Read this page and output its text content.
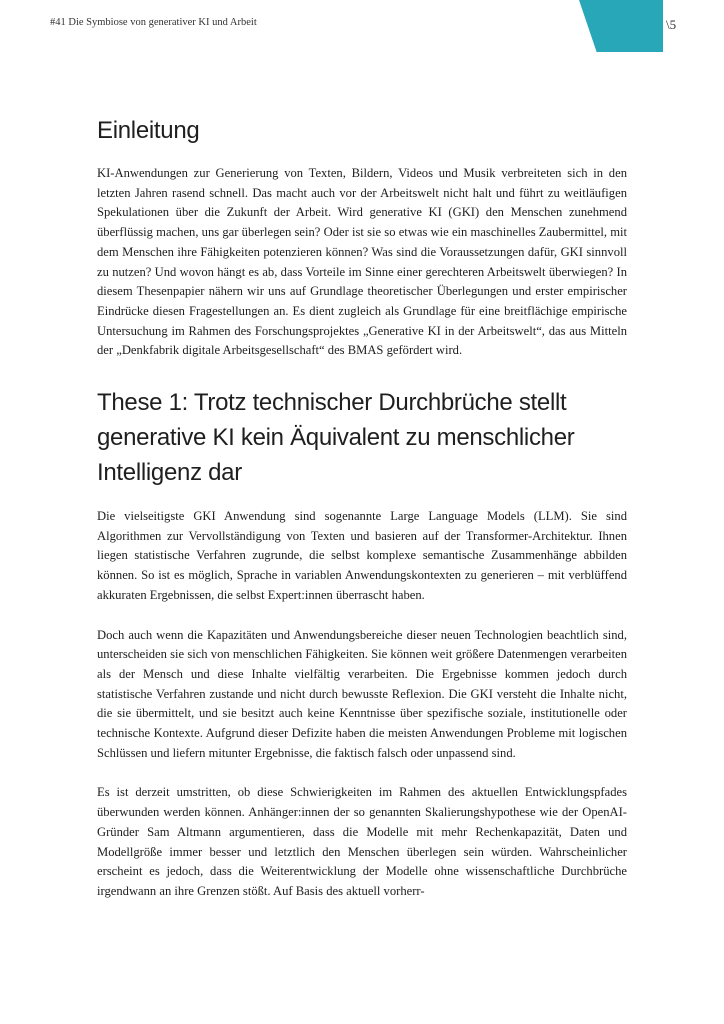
#41 Die Symbiose von generativer KI und Arbeit	\5
Einleitung

KI-Anwendungen zur Generierung von Texten, Bildern, Videos und Musik verbreiteten sich in den letzten Jahren rasend schnell. Das macht auch vor der Arbeitswelt nicht halt und führt zu weitläufigen Spekulationen über die Zukunft der Arbeit. Wird generative KI (GKI) den Menschen zunehmend überflüssig machen, uns gar überlegen sein? Oder ist sie so etwas wie ein maschinelles Zaubermittel, mit dem Menschen ihre Fähigkeiten potenzieren können? Was sind die Voraussetzungen dafür, GKI sinnvoll zu nutzen? Und wovon hängt es ab, dass Vorteile im Sinne einer gerechteren Arbeitswelt überwiegen? In diesem Thesenpapier nähern wir uns auf Grundlage theoretischer Überlegungen und erster empirischer Eindrücke diesen Fragestellungen an. Es dient zugleich als Grundlage für eine breitflächige empirische Untersuchung im Rahmen des Forschungsprojektes „Generative KI in der Arbeitswelt“, das aus Mitteln der „Denkfabrik digitale Arbeitsgesellschaft“ des BMAS gefördert wird.

These 1: Trotz technischer Durchbrüche stellt generative KI kein Äquivalent zu menschlicher Intelligenz dar

Die vielseitigste GKI Anwendung sind sogenannte Large Language Models (LLM). Sie sind Algorithmen zur Vervollständigung von Texten und basieren auf der Transformer-Architektur. Ihnen liegen statistische Verfahren zugrunde, die selbst komplexe semantische Zusammenhänge abbilden können. So ist es möglich, Sprache in variablen Anwendungskontexten zu generieren – mit verblüffend akkuraten Ergebnissen, die selbst Expert:innen überrascht haben.

Doch auch wenn die Kapazitäten und Anwendungsbereiche dieser neuen Technologien beachtlich sind, unterscheiden sie sich von menschlichen Fähigkeiten. Sie können weit größere Datenmengen verarbeiten als der Mensch und diese Inhalte vielfältig verarbeiten. Die Ergebnisse kommen jedoch durch statistische Verfahren zustande und nicht durch bewusste Reflexion. Die GKI versteht die Inhalte nicht, die sie übermittelt, und sie besitzt auch keine Kenntnisse über spezifische soziale, institutionelle oder technische Kontexte. Aufgrund dieser Defizite haben die meisten Anwendungen Probleme mit logischen Schlüssen und liefern mitunter Ergebnisse, die faktisch falsch oder unpassend sind.

Es ist derzeit umstritten, ob diese Schwierigkeiten im Rahmen des aktuellen Entwicklungspfades überwunden werden können. Anhänger:innen der so genannten Skalierungshypothese wie der OpenAI-Gründer Sam Altmann argumentieren, dass die Modelle mit mehr Rechenkapazität, Daten und Modellgröße immer besser und letztlich den Menschen überlegen sein würden. Wahrscheinlicher erscheint es jedoch, dass die Weiterentwicklung der Modelle ohne wissenschaftliche Durchbrüche irgendwann an ihre Grenzen stößt. Auf Basis des aktuell vorherr-
